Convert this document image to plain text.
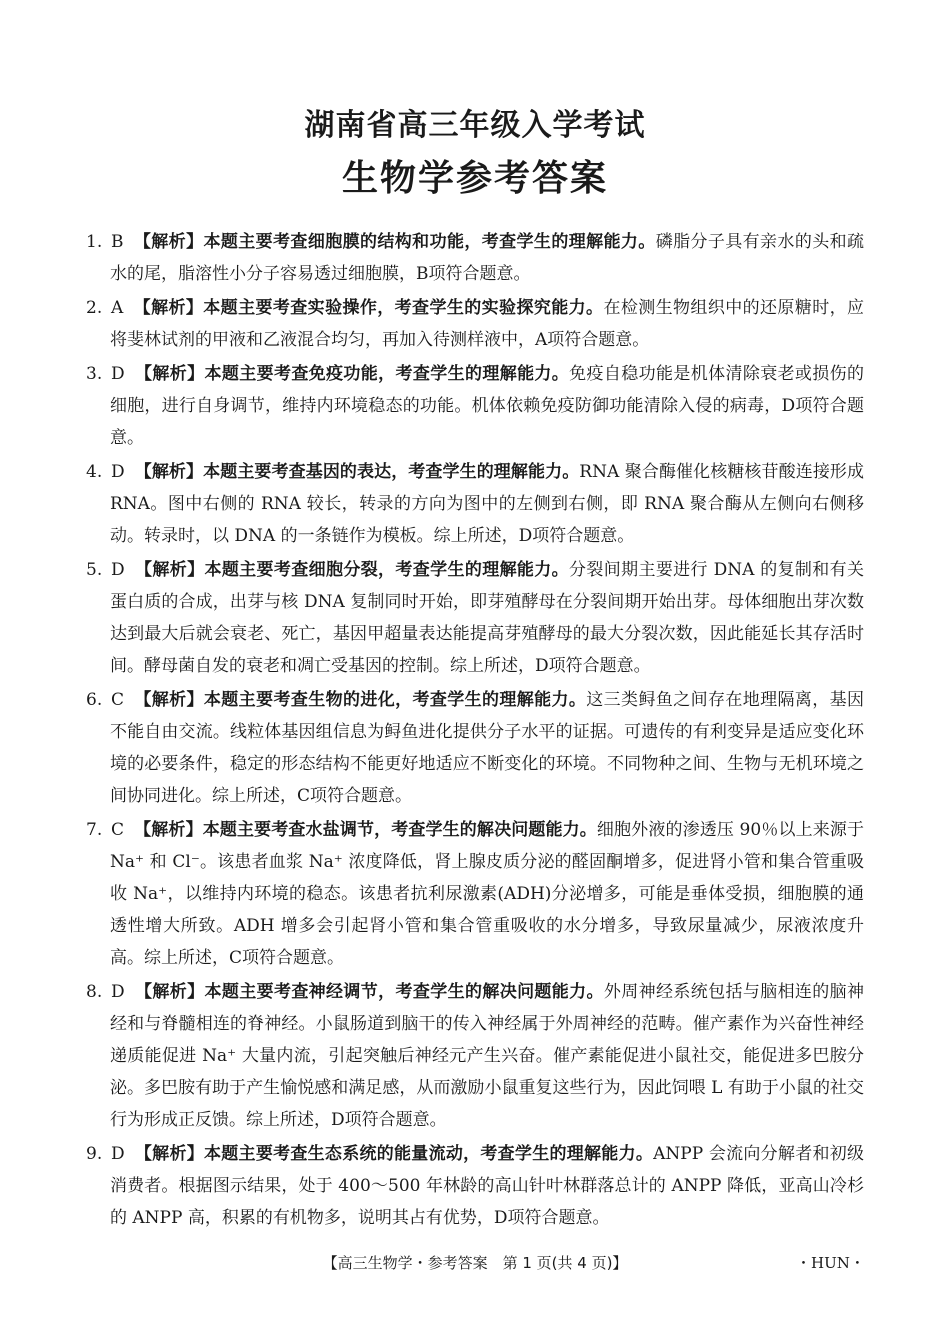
湖南省高三年级入学考试
生物学参考答案
1. B 【解析】本题主要考查细胞膜的结构和功能，考查学生的理解能力。磷脂分子具有亲水的头和疏水的尾，脂溶性小分子容易透过细胞膜，B项符合题意。
2. A 【解析】本题主要考查实验操作，考查学生的实验探究能力。在检测生物组织中的还原糖时，应将斐林试剂的甲液和乙液混合均匀，再加入待测样液中，A项符合题意。
3. D 【解析】本题主要考查免疫功能，考查学生的理解能力。免疫自稳功能是机体清除衰老或损伤的细胞，进行自身调节，维持内环境稳态的功能。机体依赖免疫防御功能清除入侵的病毒，D项符合题意。
4. D 【解析】本题主要考查基因的表达，考查学生的理解能力。RNA 聚合酶催化核糖核苷酸连接形成 RNA。图中右侧的 RNA 较长，转录的方向为图中的左侧到右侧，即 RNA 聚合酶从左侧向右侧移动。转录时，以 DNA 的一条链作为模板。综上所述，D项符合题意。
5. D 【解析】本题主要考查细胞分裂，考查学生的理解能力。分裂间期主要进行 DNA 的复制和有关蛋白质的合成，出芽与核 DNA 复制同时开始，即芽殖酵母在分裂间期开始出芽。母体细胞出芽次数达到最大后就会衰老、死亡，基因甲超量表达能提高芽殖酵母的最大分裂次数，因此能延长其存活时间。酵母菌自发的衰老和凋亡受基因的控制。综上所述，D项符合题意。
6. C 【解析】本题主要考查生物的进化，考查学生的理解能力。这三类鲟鱼之间存在地理隔离，基因不能自由交流。线粒体基因组信息为鲟鱼进化提供分子水平的证据。可遗传的有利变异是适应变化环境的必要条件，稳定的形态结构不能更好地适应不断变化的环境。不同物种之间、生物与无机环境之间协同进化。综上所述，C项符合题意。
7. C 【解析】本题主要考查水盐调节，考查学生的解决问题能力。细胞外液的渗透压 90％以上来源于 Na⁺ 和 Cl⁻。该患者血浆 Na⁺ 浓度降低，肾上腺皮质分泌的醛固酮增多，促进肾小管和集合管重吸收 Na⁺，以维持内环境的稳态。该患者抗利尿激素(ADH)分泌增多，可能是垂体受损，细胞膜的通透性增大所致。ADH 增多会引起肾小管和集合管重吸收的水分增多，导致尿量减少，尿液浓度升高。综上所述，C项符合题意。
8. D 【解析】本题主要考查神经调节，考查学生的解决问题能力。外周神经系统包括与脑相连的脑神经和与脊髓相连的脊神经。小鼠肠道到脑干的传入神经属于外周神经的范畴。催产素作为兴奋性神经递质能促进 Na⁺ 大量内流，引起突触后神经元产生兴奋。催产素能促进小鼠社交，能促进多巴胺分泌。多巴胺有助于产生愉悦感和满足感，从而激励小鼠重复这些行为，因此饲喂 L 有助于小鼠的社交行为形成正反馈。综上所述，D项符合题意。
9. D 【解析】本题主要考查生态系统的能量流动，考查学生的理解能力。ANPP 会流向分解者和初级消费者。根据图示结果，处于 400～500 年林龄的高山针叶林群落总计的 ANPP 降低，亚高山冷杉的 ANPP 高，积累的有机物多，说明其占有优势，D项符合题意。
【高三生物学・参考答案　第 1 页(共 4 页)】	・HUN・
